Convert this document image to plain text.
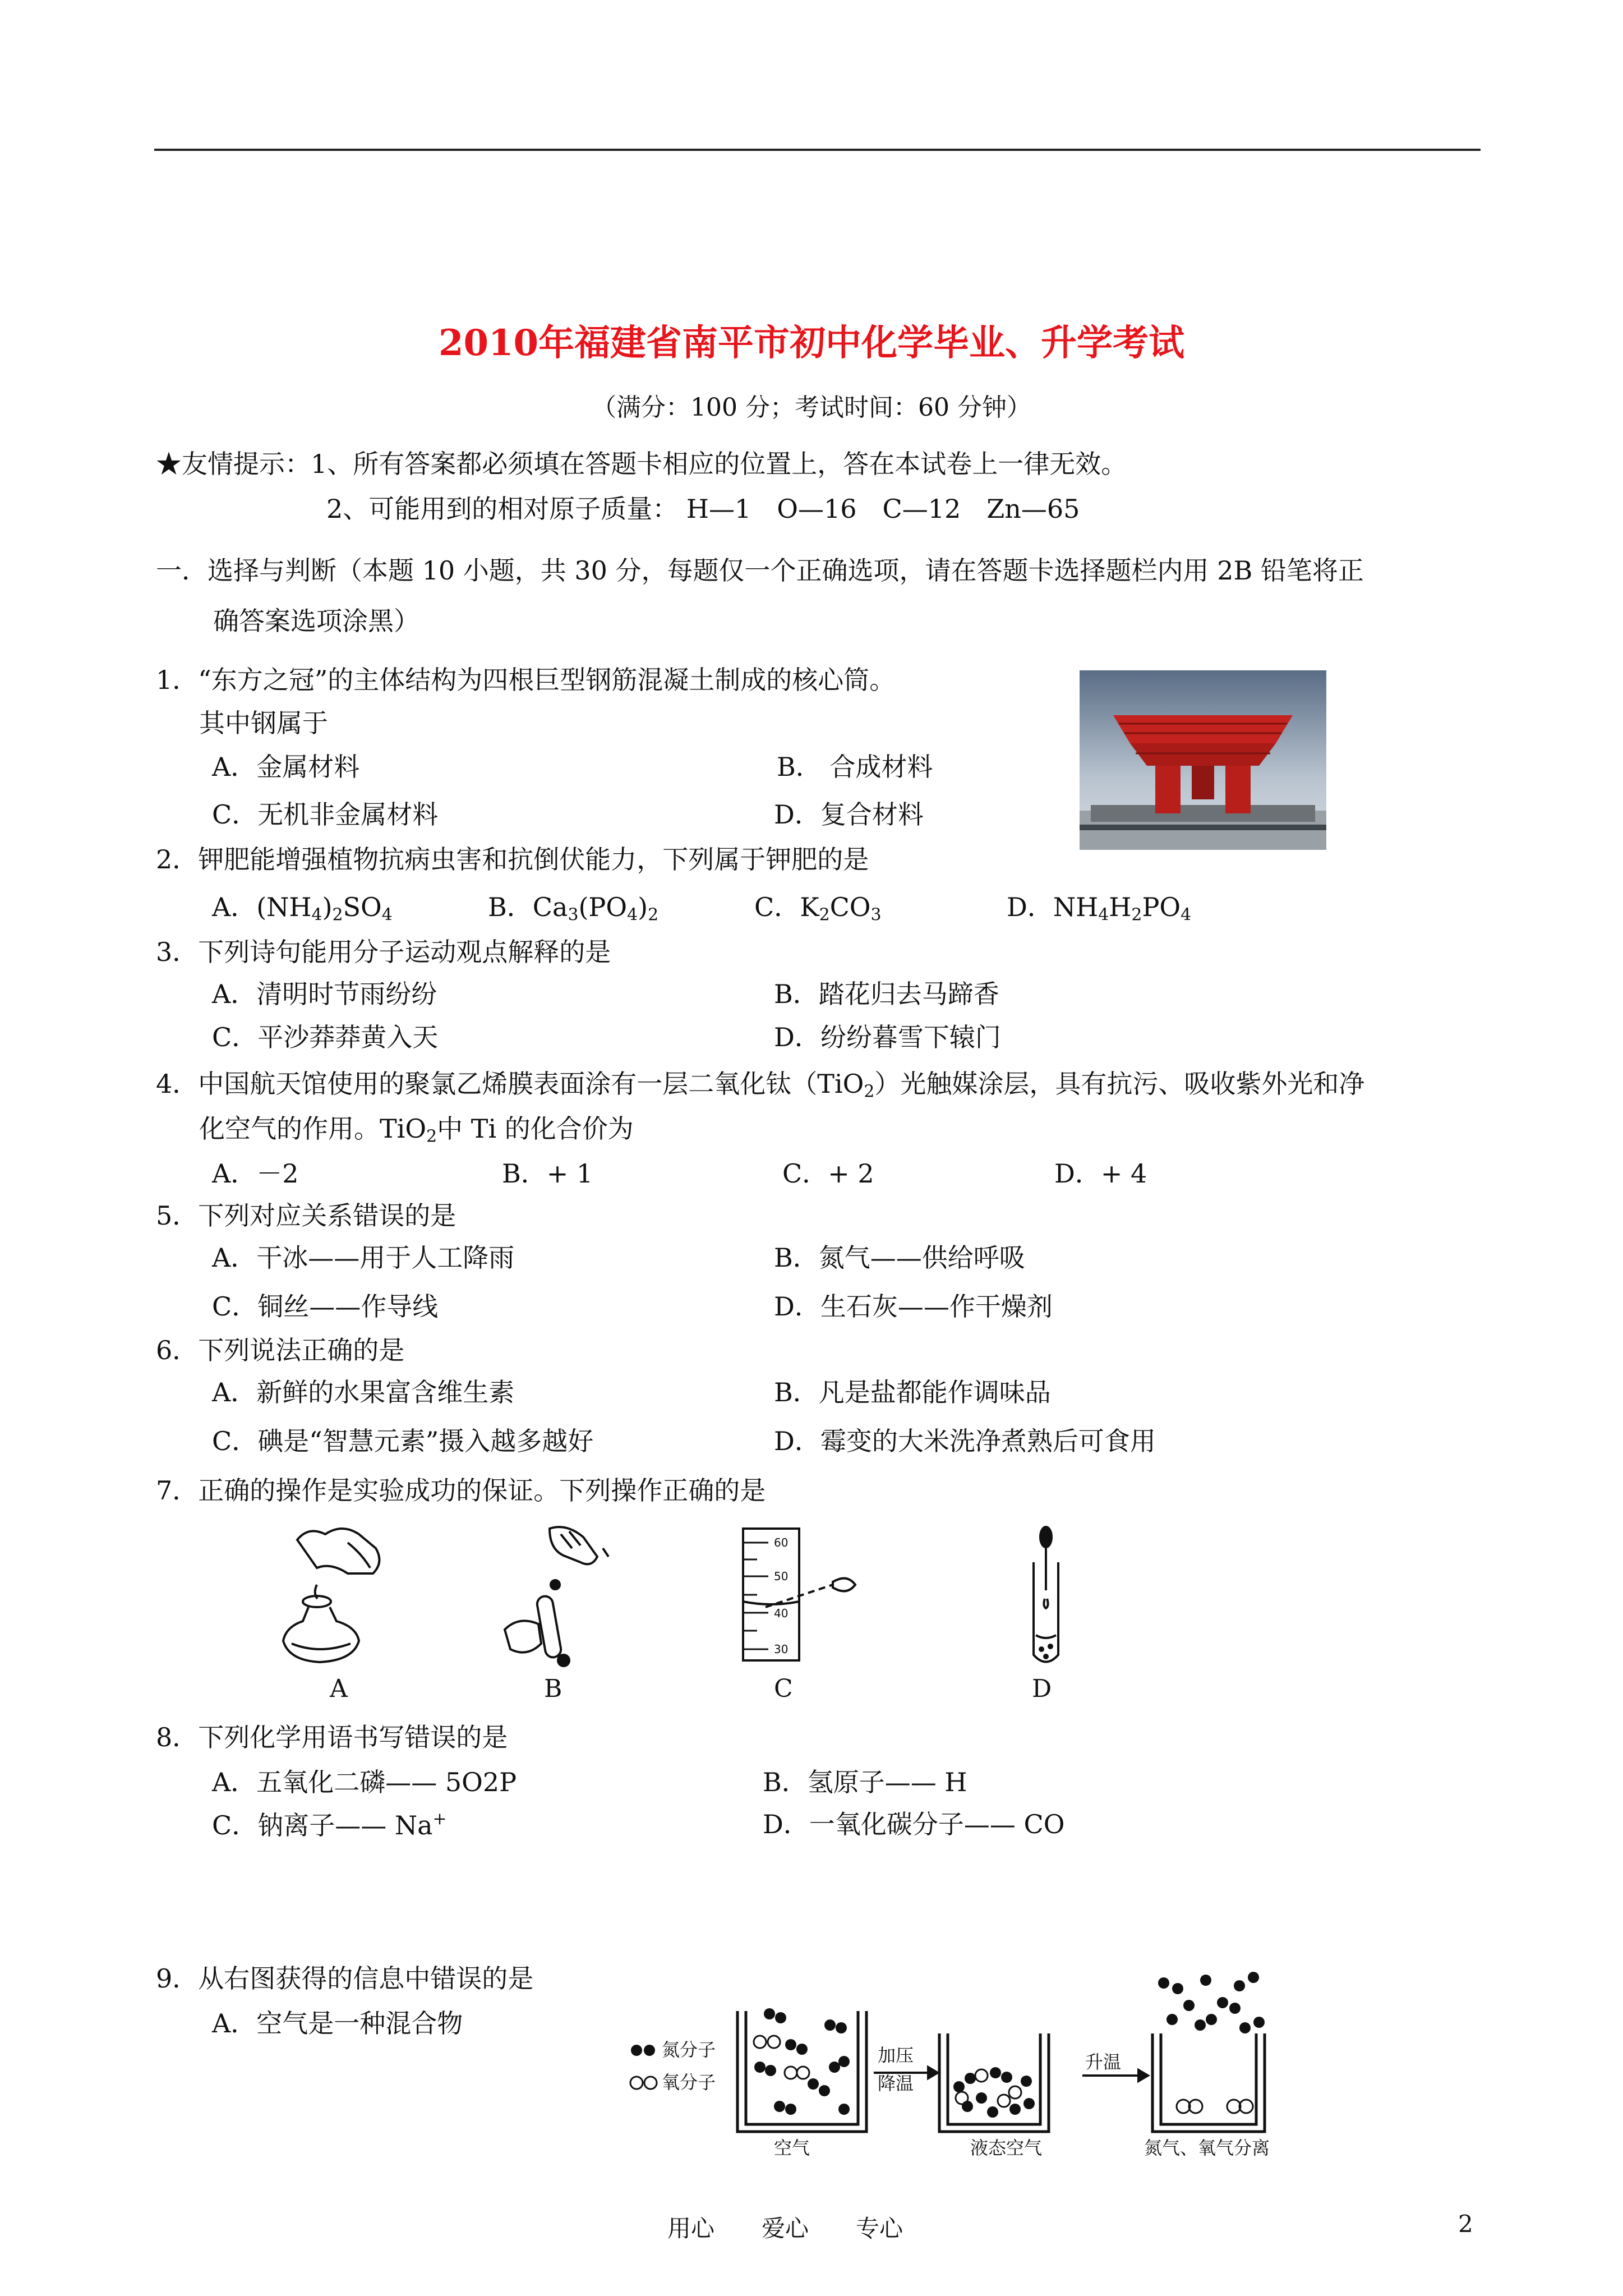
2010年福建省南平市初中化学毕业、升学考试
（满分：100 分；考试时间：60 分钟）
★友情提示：1、所有答案都必须填在答题卡相应的位置上，答在本试卷上一律无效。
2、可能用到的相对原子质量： H—1　O—16　C—12　Zn—65
一．选择与判断（本题 10 小题，共 30 分，每题仅一个正确选项，请在答题卡选择题栏内用 2B 铅笔将正
确答案选项涂黑）
1．“东方之冠”的主体结构为四根巨型钢筋混凝土制成的核心筒。
其中钢属于
A．金属材料	B． 合成材料
C．无机非金属材料	D．复合材料
2．钾肥能增强植物抗病虫害和抗倒伏能力，下列属于钾肥的是
A．$(NH_4)_2SO_4$	B．$Ca_3(PO_4)_2$	C．$K_2CO_3$	D．$NH_4H_2PO_4$
3．下列诗句能用分子运动观点解释的是
A．清明时节雨纷纷	B．踏花归去马蹄香
C．平沙莽莽黄入天	D．纷纷暮雪下辕门
4．中国航天馆使用的聚氯乙烯膜表面涂有一层二氧化钛（TiO$_2$）光触媒涂层，具有抗污、吸收紫外光和净
化空气的作用。TiO$_2$中 Ti 的化合价为
A．－2	B．+ 1	C．+ 2	D．+ 4
5．下列对应关系错误的是
A．干冰——用于人工降雨	B．氮气——供给呼吸
C．铜丝——作导线	D．生石灰——作干燥剂
6．下列说法正确的是
A．新鲜的水果富含维生素	B．凡是盐都能作调味品
C．碘是“智慧元素”摄入越多越好	D．霉变的大米洗净煮熟后可食用
7．正确的操作是实验成功的保证。下列操作正确的是
60
50
40
30
A	B	C	D
8．下列化学用语书写错误的是
A．五氧化二磷—— 5O2P	B．氢原子—— H
C．钠离子—— Na+	D．一氧化碳分子—— CO
9．从右图获得的信息中错误的是
A．空气是一种混合物
氮分子
氧分子
加压
降温
升温
空气	液态空气	氮气、氧气分离
用心　　爱心　　专心	2
